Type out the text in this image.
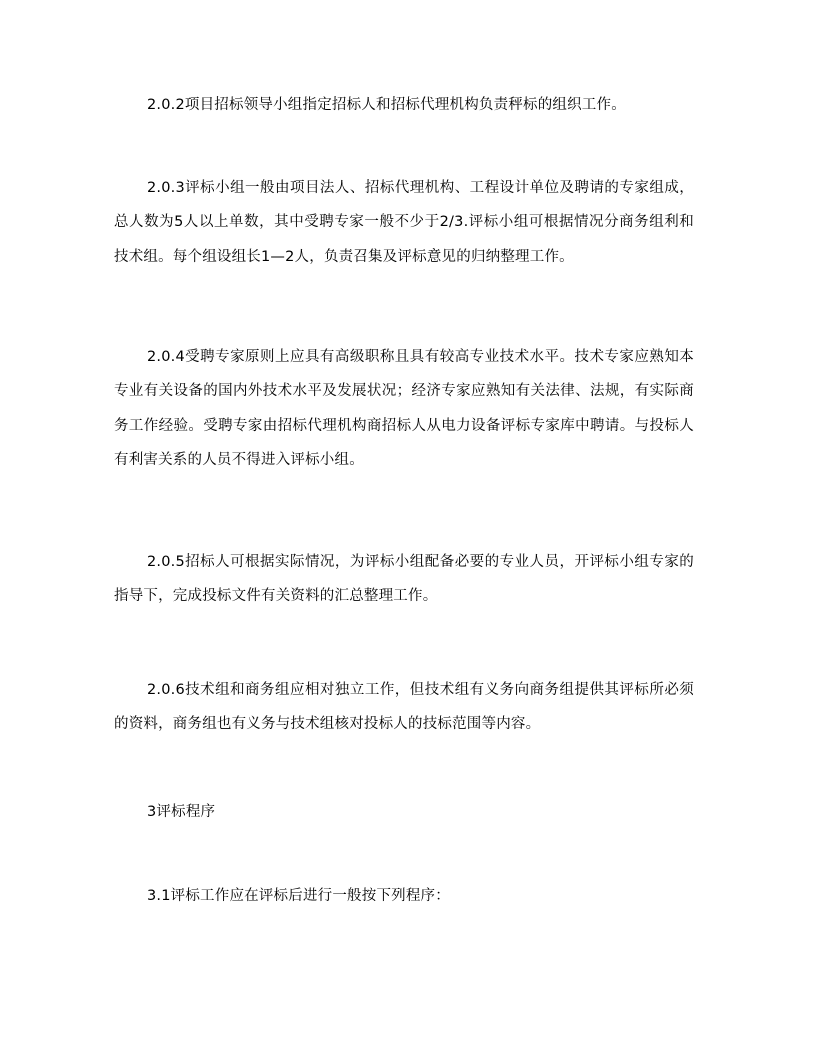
2.0.2项目招标领导小组指定招标人和招标代理机构负责秤标的组织工作。

2.0.3评标小组一般由项目法人、招标代理机构、工程设计单位及聘请的专家组成，总人数为5人以上单数，其中受聘专家一般不少于2/3.评标小组可根据情况分商务组利和技术组。每个组设组长1—2人，负责召集及评标意见的归纳整理工作。

2.0.4受聘专家原则上应具有高级职称且具有较高专业技术水平。技术专家应熟知本专业有关设备的国内外技术水平及发展状况；经济专家应熟知有关法律、法规，有实际商务工作经验。受聘专家由招标代理机构商招标人从电力设备评标专家库中聘请。与投标人有利害关系的人员不得进入评标小组。

2.0.5招标人可根据实际情况，为评标小组配备必要的专业人员，开评标小组专家的指导下，完成投标文件有关资料的汇总整理工作。

2.0.6技术组和商务组应相对独立工作，但技术组有义务向商务组提供其评标所必须的资料，商务组也有义务与技术组核对投标人的技标范围等内容。

3评标程序

3.1评标工作应在评标后进行一般按下列程序：
